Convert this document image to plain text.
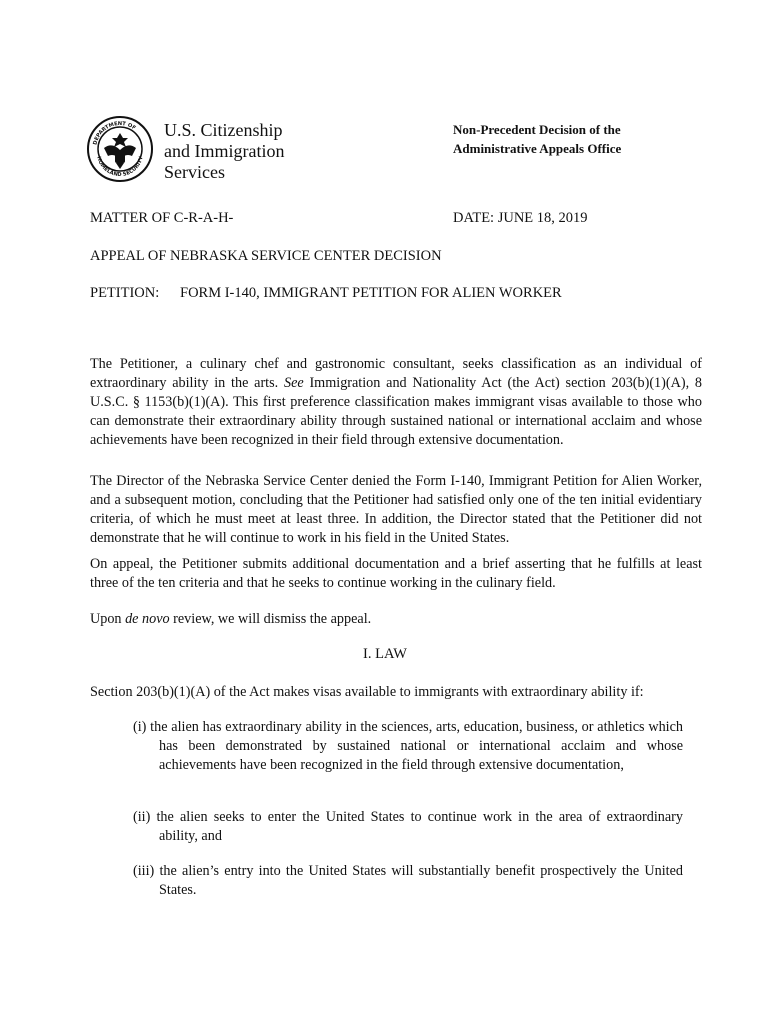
DEPARTMENT OF
HOMELAND SECURITY
U.S. Citizenship
and Immigration
Services
Non-Precedent Decision of the
Administrative Appeals Office
MATTER OF C-R-A-H-	DATE: JUNE 18, 2019
APPEAL OF NEBRASKA SERVICE CENTER DECISION
PETITION: FORM I-140, IMMIGRANT PETITION FOR ALIEN WORKER
The Petitioner, a culinary chef and gastronomic consultant, seeks classification as an individual of extraordinary ability in the arts. See Immigration and Nationality Act (the Act) section 203(b)(1)(A), 8 U.S.C. § 1153(b)(1)(A). This first preference classification makes immigrant visas available to those who can demonstrate their extraordinary ability through sustained national or international acclaim and whose achievements have been recognized in their field through extensive documentation.
The Director of the Nebraska Service Center denied the Form I-140, Immigrant Petition for Alien Worker, and a subsequent motion, concluding that the Petitioner had satisfied only one of the ten initial evidentiary criteria, of which he must meet at least three. In addition, the Director stated that the Petitioner did not demonstrate that he will continue to work in his field in the United States.
On appeal, the Petitioner submits additional documentation and a brief asserting that he fulfills at least three of the ten criteria and that he seeks to continue working in the culinary field.
Upon de novo review, we will dismiss the appeal.
I. LAW
Section 203(b)(1)(A) of the Act makes visas available to immigrants with extraordinary ability if:
(i) the alien has extraordinary ability in the sciences, arts, education, business, or athletics which has been demonstrated by sustained national or international acclaim and whose achievements have been recognized in the field through extensive documentation,
(ii) the alien seeks to enter the United States to continue work in the area of extraordinary ability, and
(iii) the alien’s entry into the United States will substantially benefit prospectively the United States.
